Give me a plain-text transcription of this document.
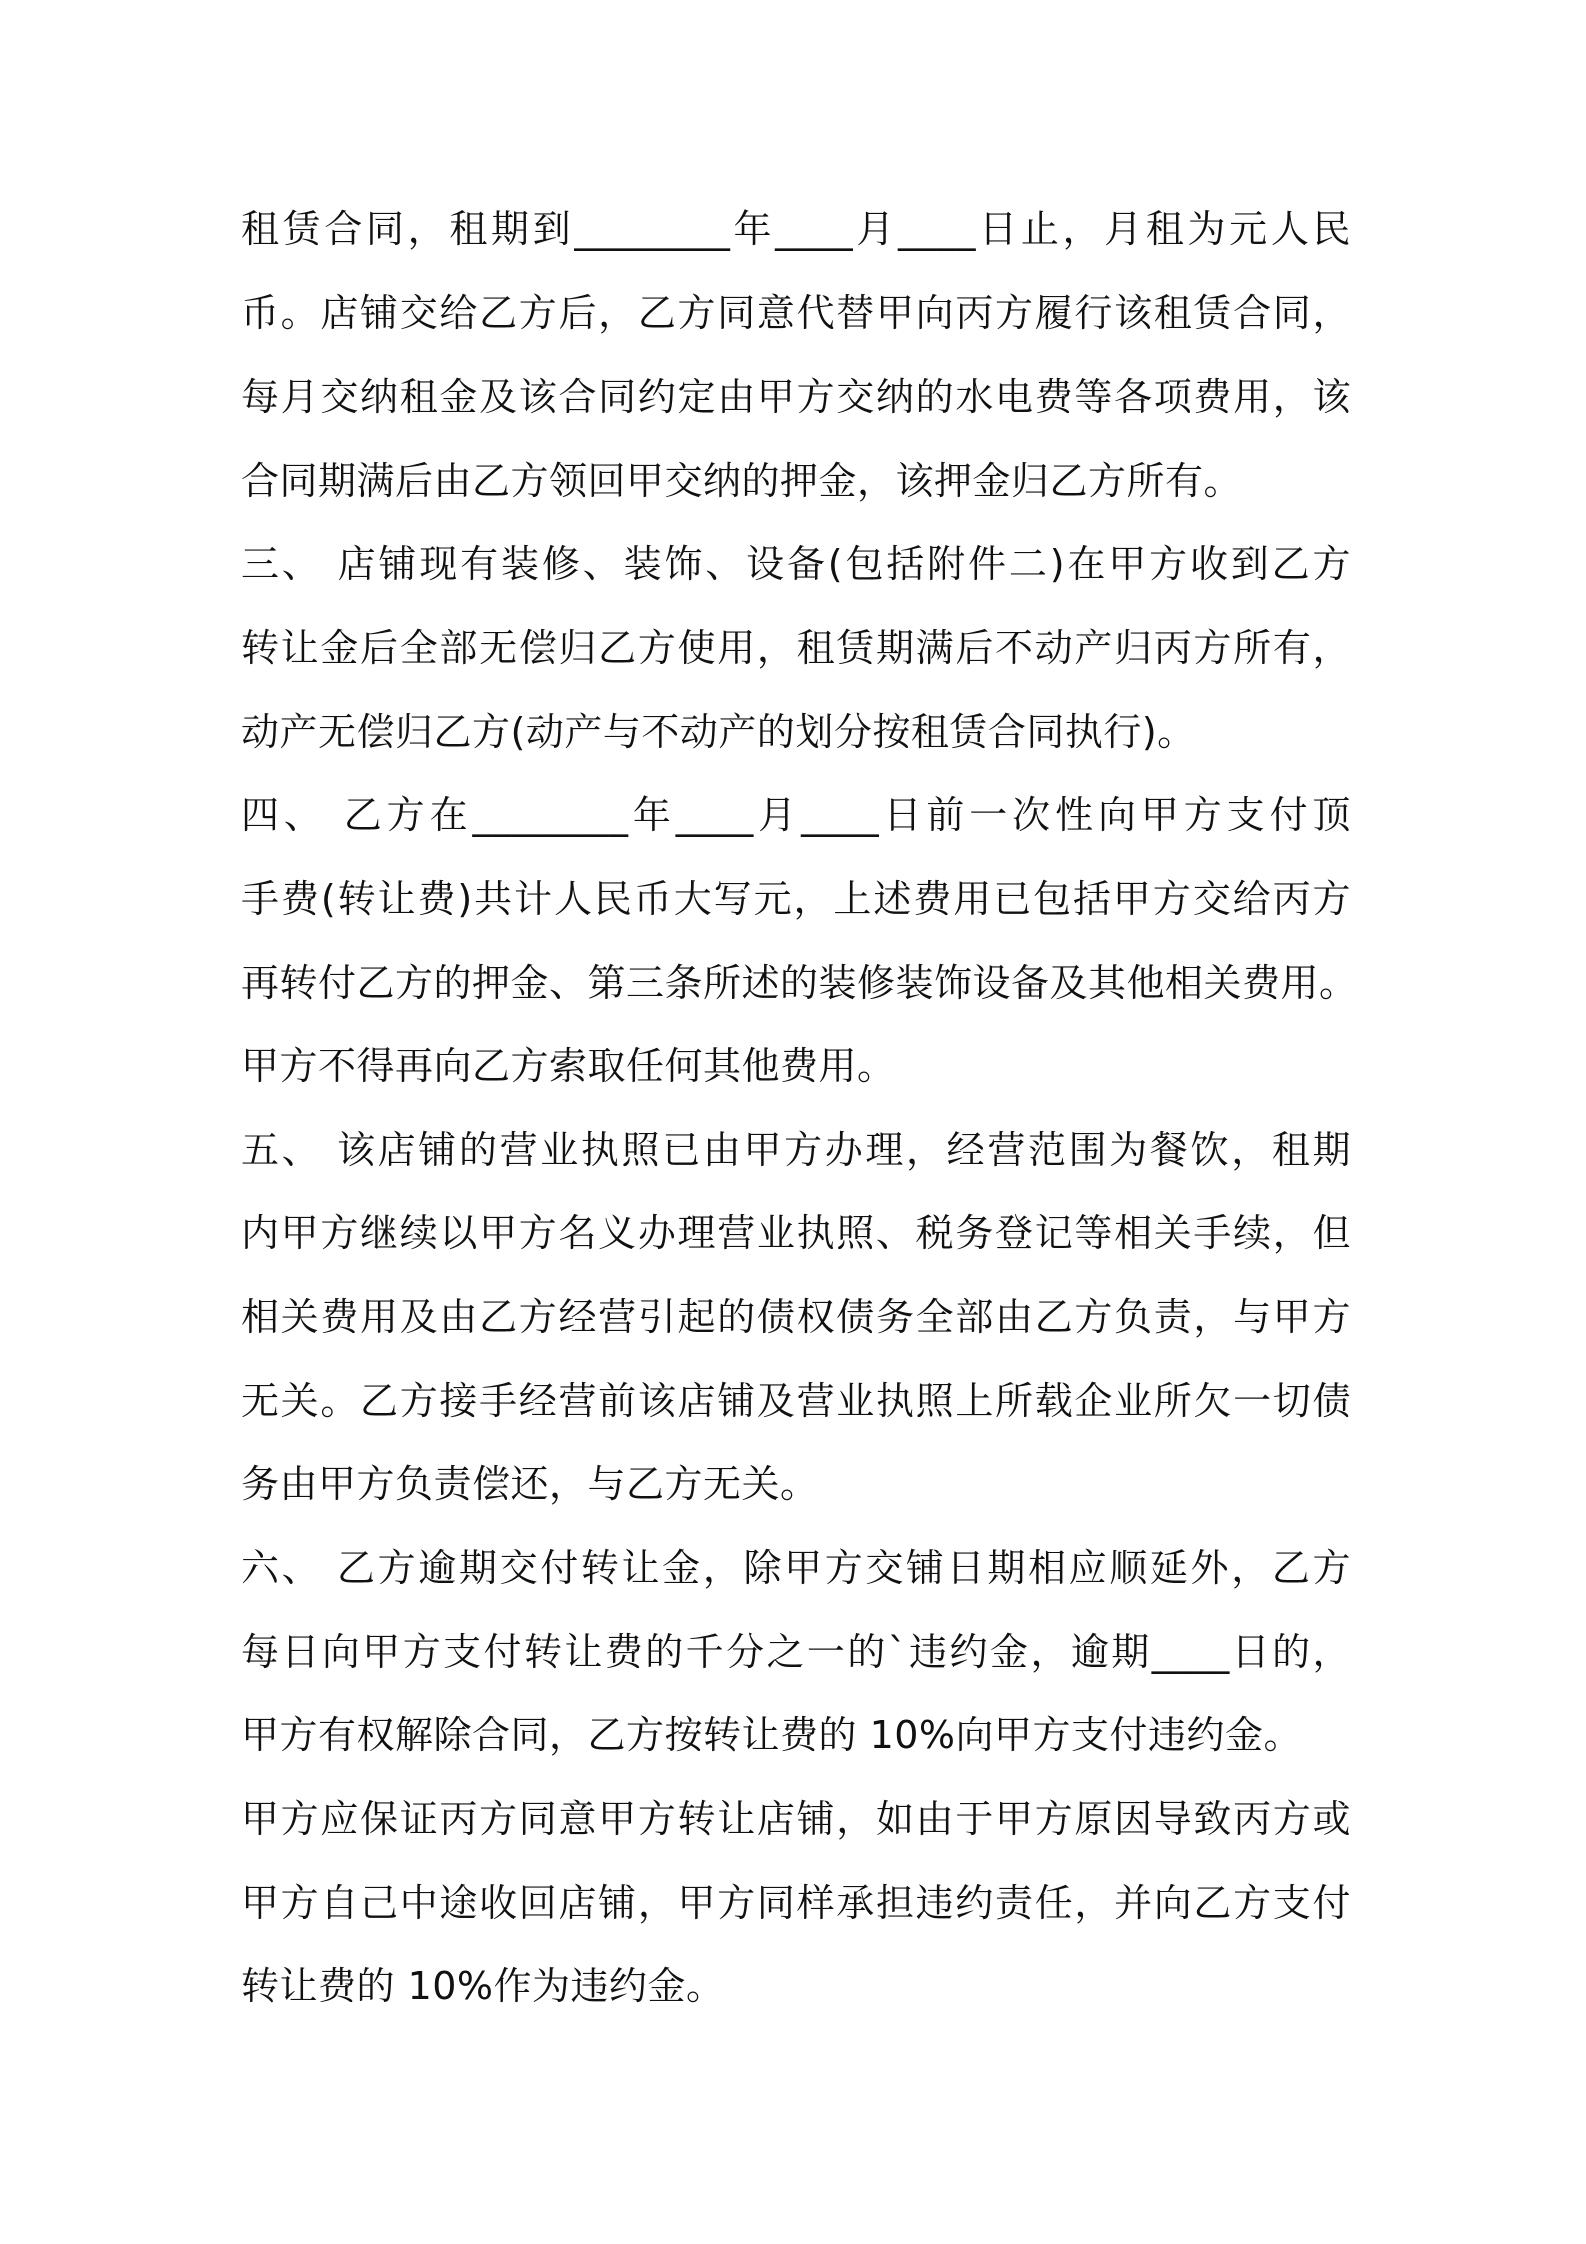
租赁合同，租期到________年____月____日止，月租为元人民
币。店铺交给乙方后，乙方同意代替甲向丙方履行该租赁合同，
每月交纳租金及该合同约定由甲方交纳的水电费等各项费用，该
合同期满后由乙方领回甲交纳的押金，该押金归乙方所有。
三、 店铺现有装修、装饰、设备(包括附件二)在甲方收到乙方
转让金后全部无偿归乙方使用，租赁期满后不动产归丙方所有，
动产无偿归乙方(动产与不动产的划分按租赁合同执行)。
四、 乙方在________年____月____日前一次性向甲方支付顶
手费(转让费)共计人民币大写元，上述费用已包括甲方交给丙方
再转付乙方的押金、第三条所述的装修装饰设备及其他相关费用。
甲方不得再向乙方索取任何其他费用。
五、 该店铺的营业执照已由甲方办理，经营范围为餐饮，租期
内甲方继续以甲方名义办理营业执照、税务登记等相关手续，但
相关费用及由乙方经营引起的债权债务全部由乙方负责，与甲方
无关。乙方接手经营前该店铺及营业执照上所载企业所欠一切债
务由甲方负责偿还，与乙方无关。
六、 乙方逾期交付转让金，除甲方交铺日期相应顺延外，乙方
每日向甲方支付转让费的千分之一的`违约金，逾期____日的，
甲方有权解除合同，乙方按转让费的 10%向甲方支付违约金。
甲方应保证丙方同意甲方转让店铺，如由于甲方原因导致丙方或
甲方自己中途收回店铺，甲方同样承担违约责任，并向乙方支付
转让费的 10%作为违约金。
